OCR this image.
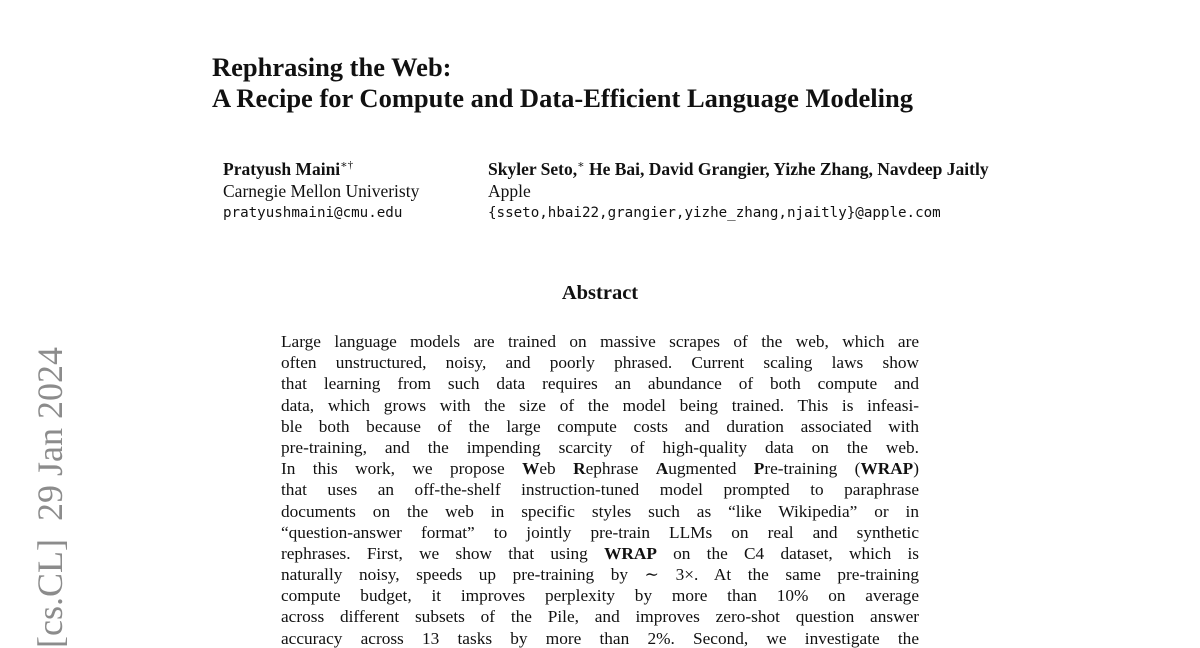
Rephrasing the Web:
A Recipe for Compute and Data-Efficient Language Modeling
Pratyush Maini∗†
Carnegie Mellon Univeristy
pratyushmaini@cmu.edu
Skyler Seto,∗ He Bai, David Grangier, Yizhe Zhang, Navdeep Jaitly
Apple
{sseto,hbai22,grangier,yizhe_zhang,njaitly}@apple.com
Abstract
Large language models are trained on massive scrapes of the web, which are
often unstructured, noisy, and poorly phrased. Current scaling laws show
that learning from such data requires an abundance of both compute and
data, which grows with the size of the model being trained. This is infeasi-
ble both because of the large compute costs and duration associated with
pre-training, and the impending scarcity of high-quality data on the web.
In this work, we propose Web Rephrase Augmented Pre-training (WRAP)
that uses an off-the-shelf instruction-tuned model prompted to paraphrase
documents on the web in specific styles such as “like Wikipedia” or in
“question-answer format” to jointly pre-train LLMs on real and synthetic
rephrases. First, we show that using WRAP on the C4 dataset, which is
naturally noisy, speeds up pre-training by ∼ 3×. At the same pre-training
compute budget, it improves perplexity by more than 10% on average
across different subsets of the Pile, and improves zero-shot question answer
accuracy across 13 tasks by more than 2%. Second, we investigate the
[cs.CL]  29 Jan 2024
